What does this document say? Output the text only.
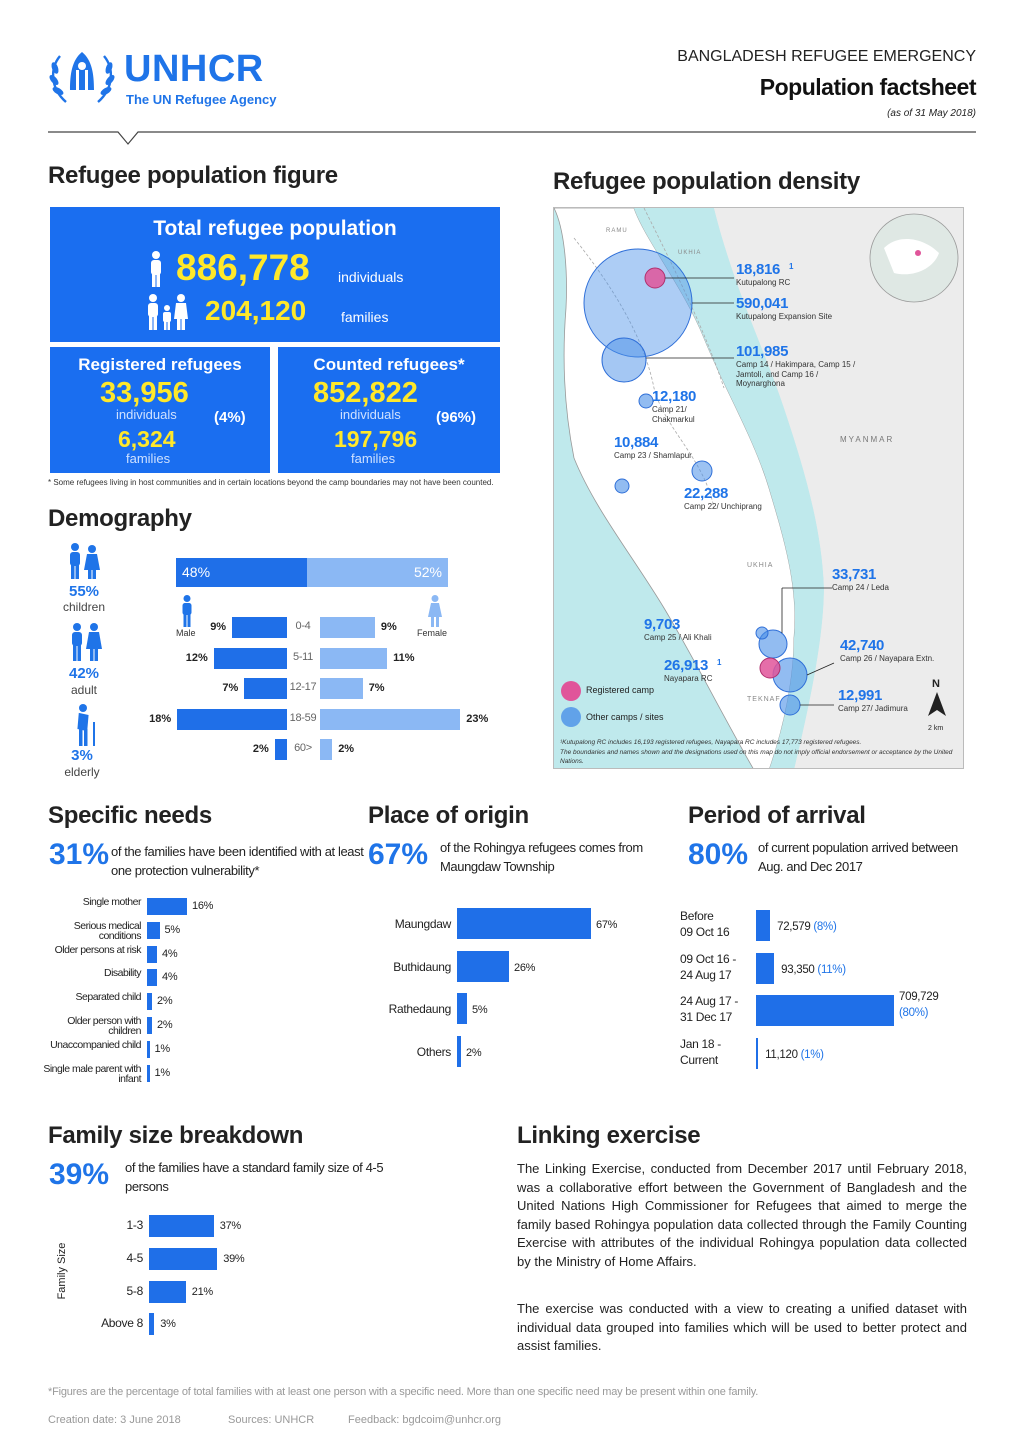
UNHCR
The UN Refugee Agency
BANGLADESH REFUGEE EMERGENCY
Population factsheet
(as of 31 May 2018)
Refugee population figure
Total refugee population
886,778 individuals
204,120 families
Registered refugees
33,956
individuals (4%)
6,324
families
Counted refugees*
852,822
individuals (96%)
197,796
families
* Some refugees living in host communities and in certain locations beyond the camp boundaries may not have been counted.
Demography
55%
children
42%
adult
3%
elderly
48%	52%
Male	Female
0-4
9%	9%
5-11
12%	11%
12-17
7%	7%
18-59
18%	23%
60>
2%	2%
Refugee population density
MYANMAR
UKHIA
TEKNAF
RAMU
UKHIA
18,816	1
Kutupalong RC
590,041
Kutupalong Expansion Site
101,985
Camp 14 / Hakimpara, Camp 15 / Jamtoli, and Camp 16 / Moynarghona
12,180
Camp 21/ Chakmarkul
10,884
Camp 23 / Shamlapur
22,288
Camp 22/ Unchiprang
33,731
Camp 24 / Leda
9,703
Camp 25 / Ali Khali	42,740
Camp 26 / Nayapara Extn.
26,913	1
Nayapara RC
12,991
Camp 27/ Jadimura
Registered camp
Other camps / sites
N
2 km
¹Kutupalong RC includes 16,193 registered refugees, Nayapara RC includes 17,773 registered refugees.
The boundaries and names shown and the designations used on this map do not imply official endorsement or acceptance by the United Nations.
Specific needs
31% of the families have been identified with at least one protection vulnerability*
Single mother	16%
Serious medical conditions 5%
Older persons at risk 4%
Disability 4%
Separated child 2%
Older person with children 2%
Unaccompanied child 1%
Single male parent with infant 1%
Place of origin
67% of the Rohingya refugees comes from Maungdaw Township
Maungdaw	67%
Buthidaung	26%
Rathedaung 5%
Others 2%
Period of arrival
80% of current population arrived between Aug. and Dec 2017
Before
09 Oct 16	72,579 (8%)
09 Oct 16 -
24 Aug 17	93,350 (11%)
24 Aug 17 -
31 Dec 17
709,729
(80%)
Jan 18 -
Current	11,120 (1%)
Family size breakdown
39% of the families have a standard family size of 4-5 persons
Family Size
1-3	37%
4-5	39%
5-8	21%
Above 8 3%
Linking exercise
The Linking Exercise, conducted from December 2017 until February 2018, was a collaborative effort between the Government of Bangladesh and the United Nations High Commissioner for Refugees that aimed to merge the family based Rohingya population data collected through the Family Counting Exercise with attributes of the individual Rohingya population data collected by the Ministry of Home Affairs.
The exercise was conducted with a view to creating a unified dataset with individual data grouped into families which will be used to better protect and assist families.
*Figures are the percentage of total families with at least one person with a specific need. More than one specific need may be present within one family.
Creation date: 3 June 2018	Sources: UNHCR	Feedback: bgdcoim@unhcr.org
